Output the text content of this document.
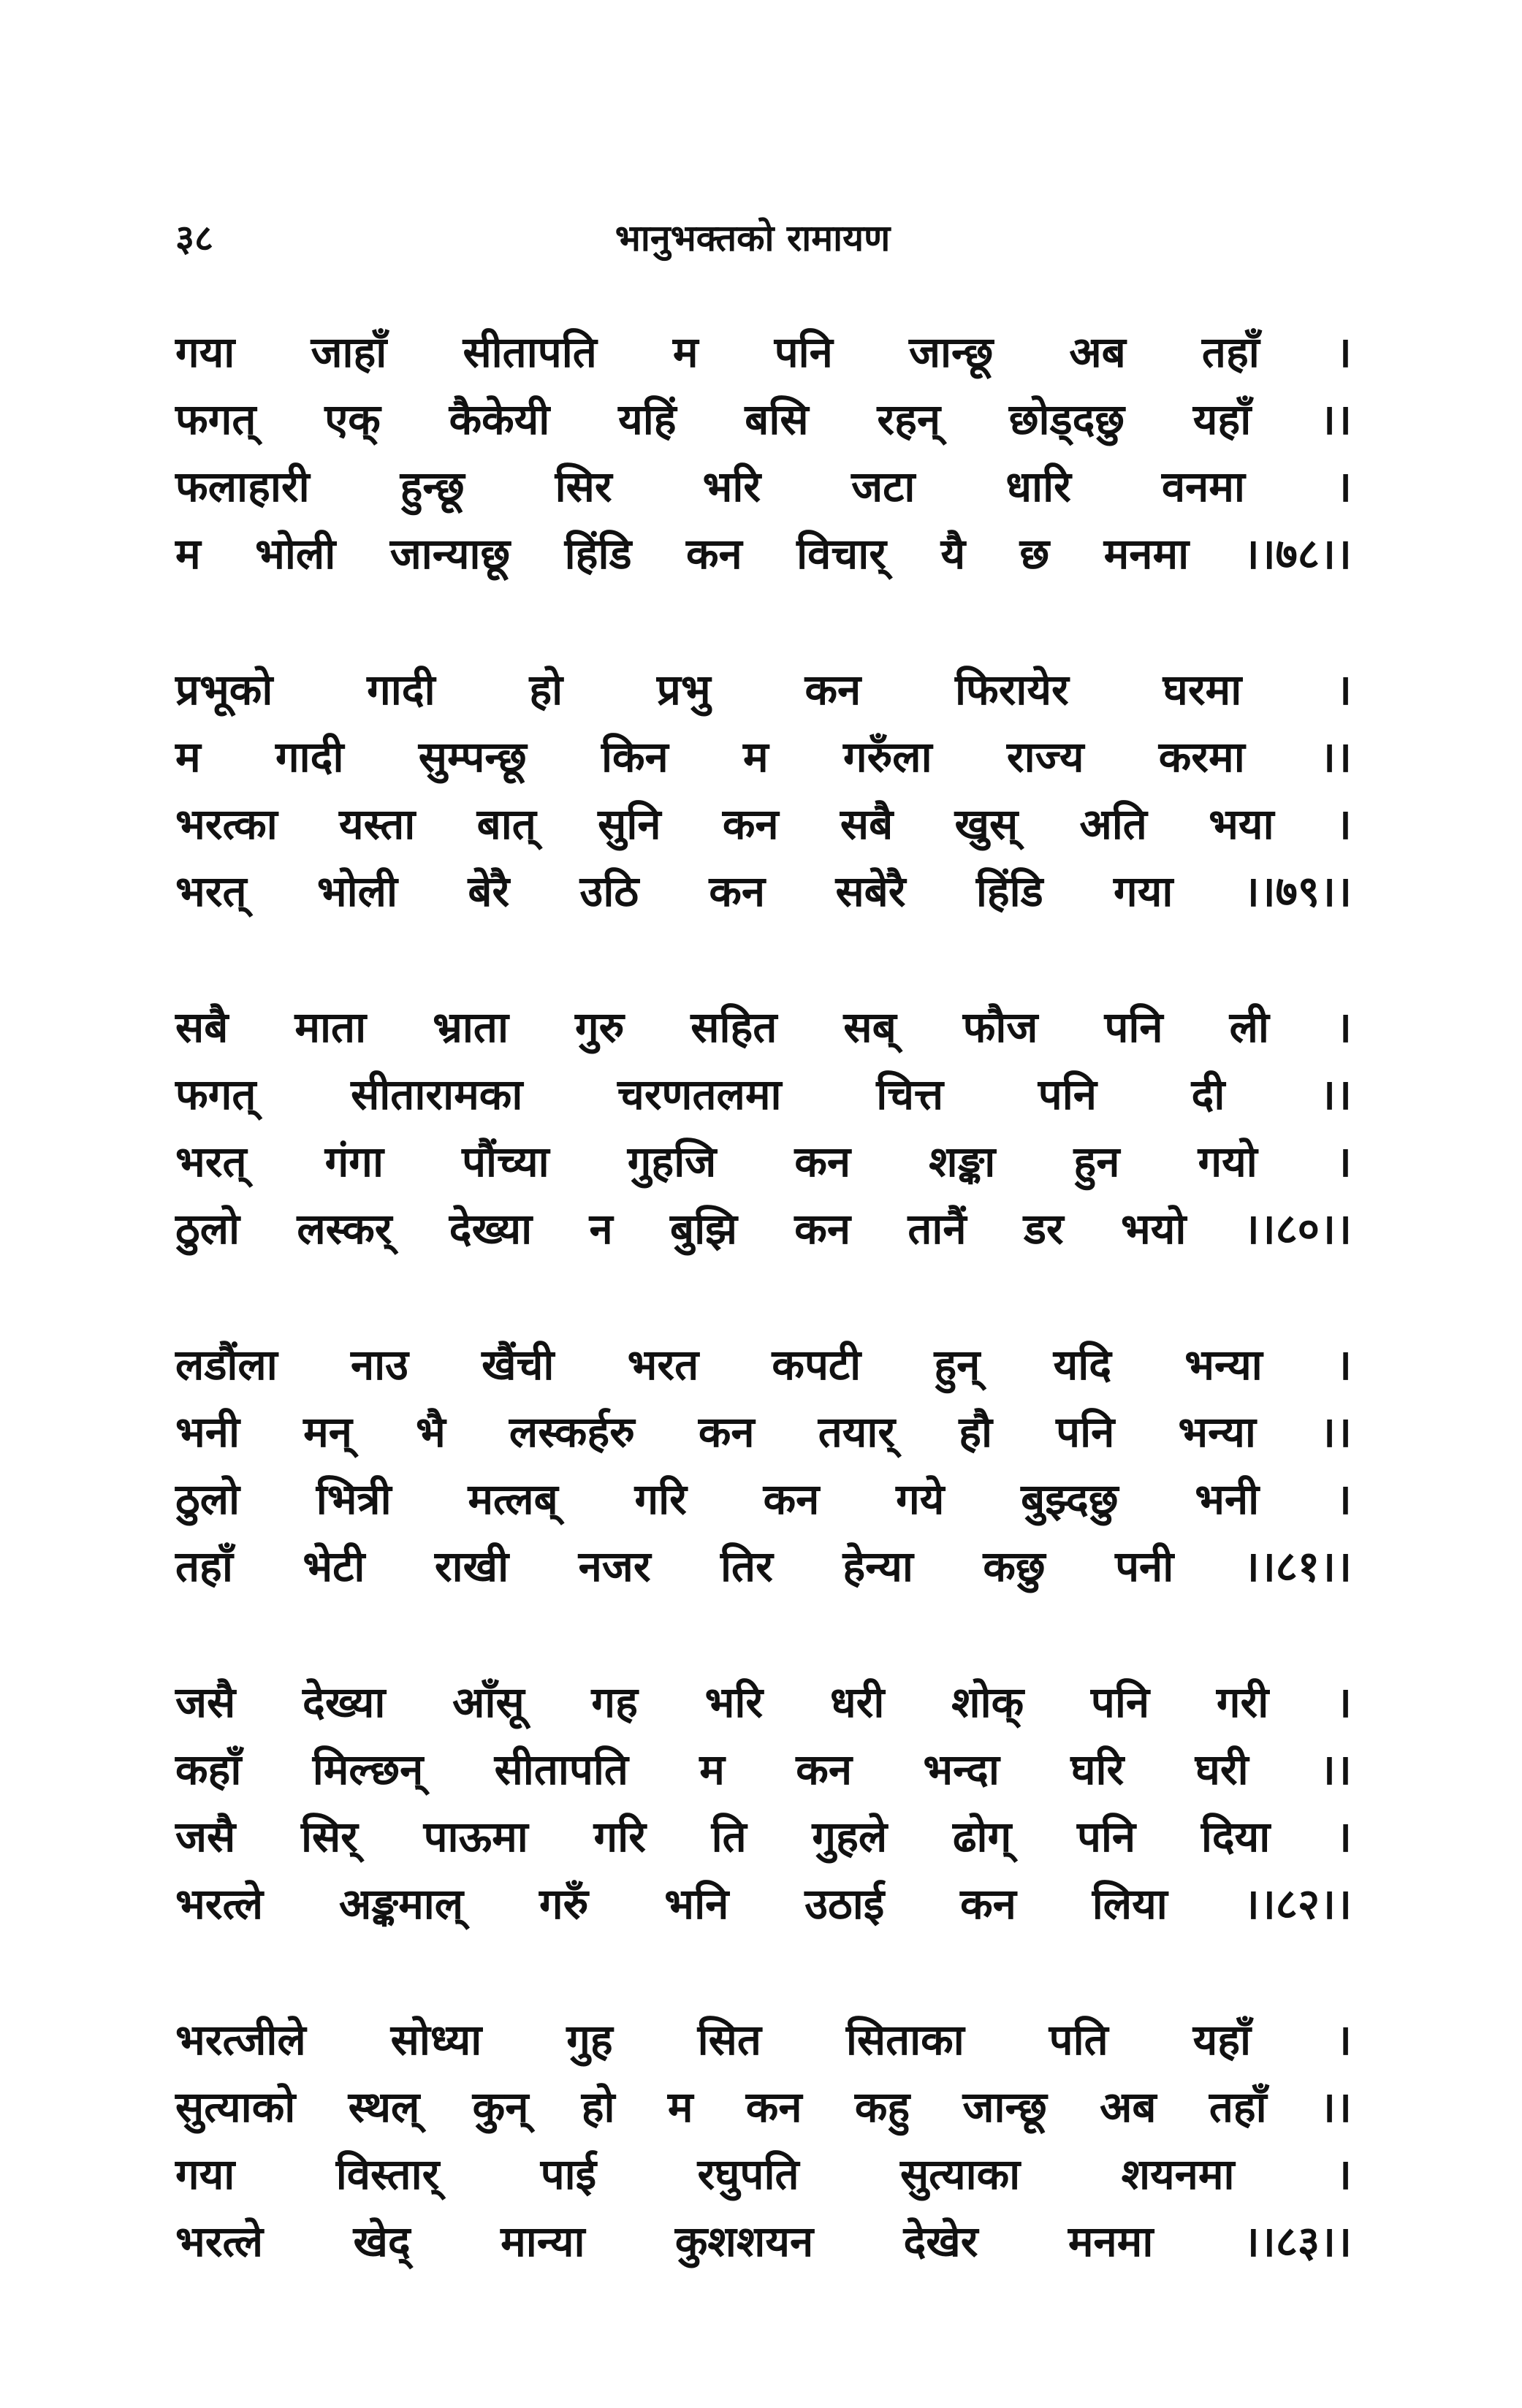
३८	भानुभक्तको रामायण
गया जाहाँ सीतापति म पनि जान्छू अब तहाँ ।
फगत् एक् कैकेयी यहिं बसि रहन् छोड्दछु यहाँ ।।
फलाहारी हुन्छू सिर भरि जटा धारि वनमा ।
म भोली जान्याछू हिंडि कन विचार् यै छ मनमा ।।७८।।
प्रभूको गादी हो प्रभु कन फिरायेर घरमा ।
म गादी सुम्पन्छू किन म गरुँला राज्य करमा ।।
भरत्का यस्ता बात् सुनि कन सबै खुस् अति भया ।
भरत् भोली बेरै उठि कन सबेरै हिंडि गया ।।७९।।
सबै माता भ्राता गुरु सहित सब् फौज पनि ली ।
फगत् सीतारामका चरणतलमा चित्त पनि दी ।।
भरत् गंगा पौंच्या गुहजि कन शङ्का हुन गयो ।
ठुलो लस्कर् देख्या न बुझि कन तानैं डर भयो ।।८०।।
लडौंला नाउ खैंची भरत कपटी हुन् यदि भन्या ।
भनी मन् भै लस्कर्हरु कन तयार् हौ पनि भन्या ।।
ठुलो भित्री मत्लब् गरि कन गये बुझ्दछु भनी ।
तहाँ भेटी राखी नजर तिर हेन्या कछु पनी ।।८१।।
जसै देख्या आँसू गह भरि धरी शोक् पनि गरी ।
कहाँ मिल्छन् सीतापति म कन भन्दा घरि घरी ।।
जसै सिर् पाऊमा गरि ति गुहले ढोग् पनि दिया ।
भरत्ले अङ्कमाल् गरुँ भनि उठाई कन लिया ।।८२।।
भरत्जीले सोध्या गुह सित सिताका पति यहाँ ।
सुत्याको स्थल् कुन् हो म कन कहु जान्छू अब तहाँ ।।
गया विस्तार् पाई रघुपति सुत्याका शयनमा ।
भरत्ले खेद् मान्या कुशशयन देखेर मनमा ।।८३।।
